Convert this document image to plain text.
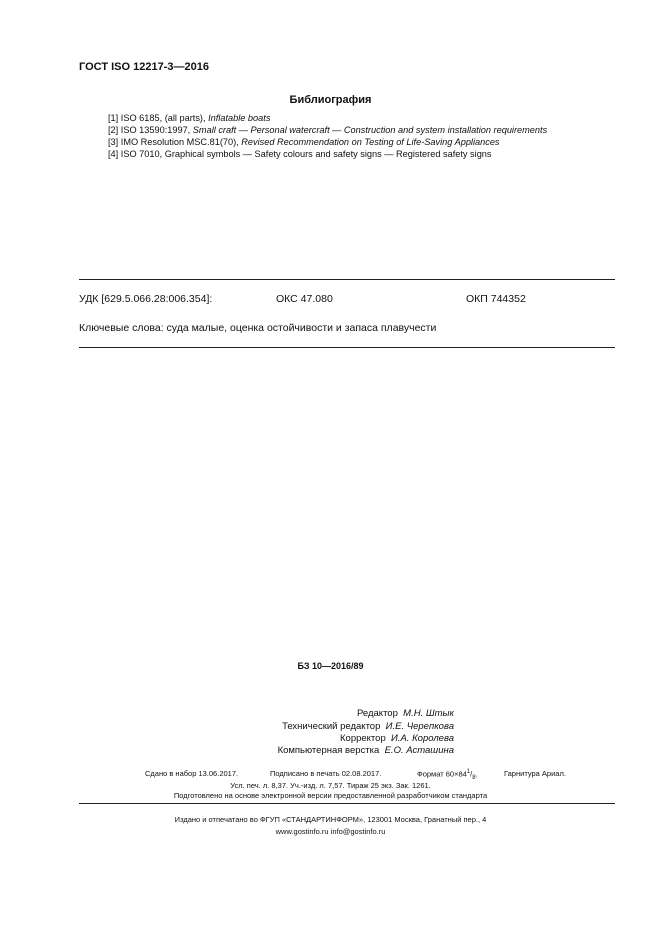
ГОСТ ISO 12217-3—2016
Библиография
[1] ISO 6185, (all parts), Inflatable boats
[2] ISO 13590:1997, Small craft — Personal watercraft — Construction and system installation requirements
[3] IMO Resolution MSC.81(70), Revised Recommendation on Testing of Life-Saving Appliances
[4] ISO 7010, Graphical symbols — Safety colours and safety signs — Registered safety signs
УДК [629.5.066.28:006.354]:	ОКС 47.080	ОКП 744352
Ключевые слова: суда малые, оценка остойчивости и запаса плавучести
БЗ 10—2016/89
Редактор М.Н. Штык
Технический редактор И.Е. Черепкова
Корректор И.А. Королева
Компьютерная верстка Е.О. Асташина
Сдано в набор 13.06.2017.	Подписано в печать 02.08.2017.	Формат $60\times 84^1/_8$.	Гарнитура Ариал.
Усл. печ. л. 8,37. Уч.-изд. л. 7,57. Тираж 25 экз. Зак. 1261.
Подготовлено на основе электронной версии предоставленной разработчиком стандарта
Издано и отпечатано во ФГУП «СТАНДАРТИНФОРМ», 123001 Москва, Гранатный пер., 4
www.gostinfo.ru info@gostinfo.ru
